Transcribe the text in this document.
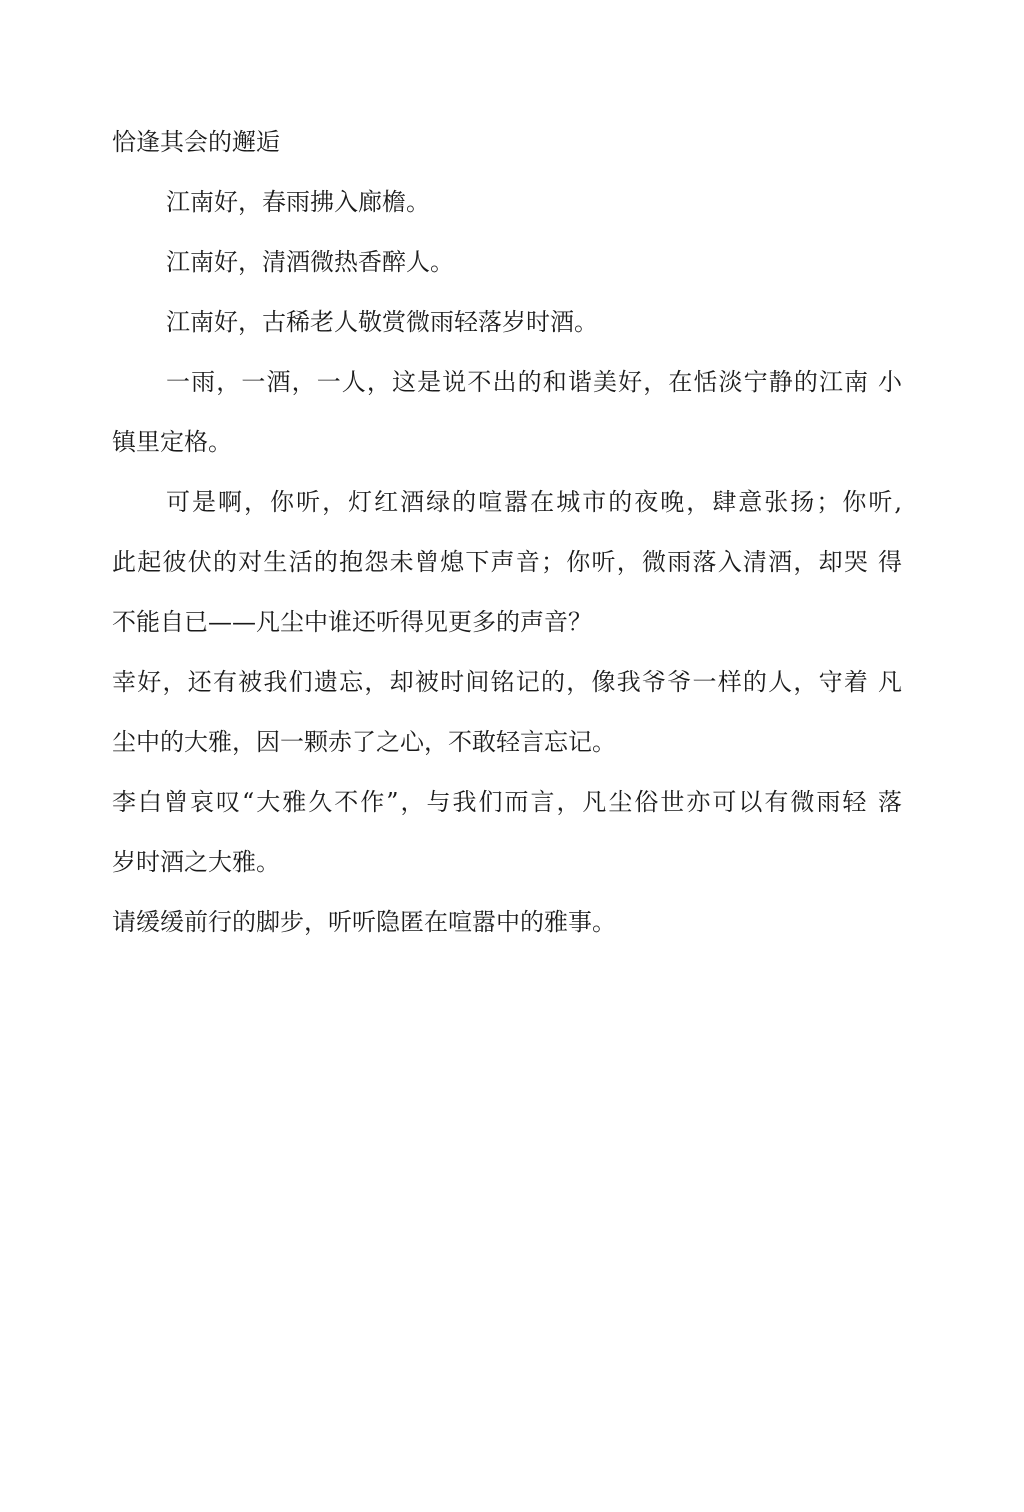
恰逢其会的邂逅
江南好，春雨拂入廊檐。
江南好，清酒微热香醉人。
江南好，古稀老人敬赏微雨轻落岁时酒。
一雨，一酒，一人，这是说不出的和谐美好，在恬淡宁静的江南 小
镇里定格。
可是啊，你听，灯红酒绿的喧嚣在城市的夜晚，肆意张扬；你听,
此起彼伏的对生活的抱怨未曾熄下声音；你听，微雨落入清酒，却哭 得
不能自已——凡尘中谁还听得见更多的声音？
幸好，还有被我们遗忘，却被时间铭记的，像我爷爷一样的人，守着 凡
尘中的大雅，因一颗赤了之心，不敢轻言忘记。
李白曾哀叹“大雅久不作”，与我们而言，凡尘俗世亦可以有微雨轻 落
岁时酒之大雅。
请缓缓前行的脚步，听听隐匿在喧嚣中的雅事。
